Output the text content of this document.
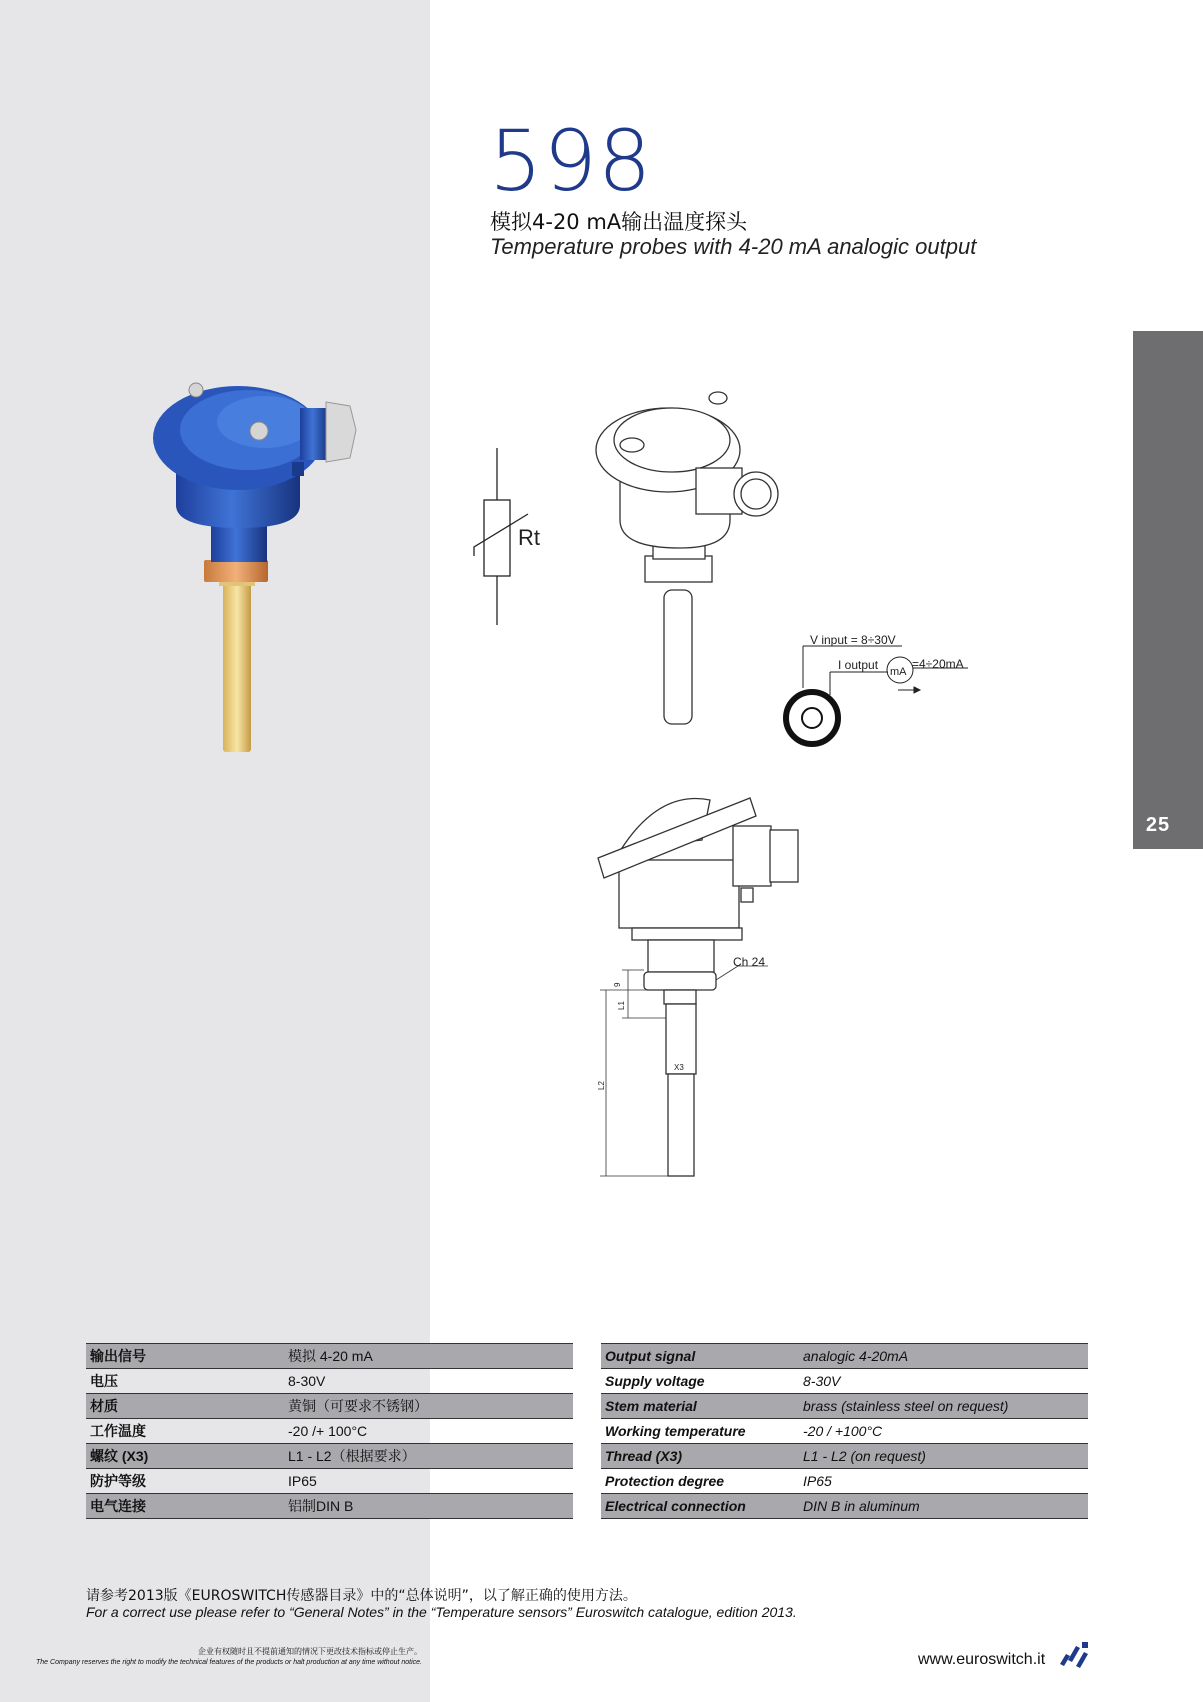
25
598
模拟4-20 mA输出温度探头
Temperature probes with 4-20 mA analogic output
Rt
V input = 8÷30V
I output mA
=4÷20mA
Ch 24
9
L1
L2
X3
输出信号	模拟 4-20 mA
电压	8-30V
材质	黄铜（可要求不锈钢）
工作温度	-20 /+ 100°C
螺纹 (X3)	L1 - L2（根据要求）
防护等级	IP65
电气连接	铝制DIN B
Output signal	analogic 4-20mA
Supply voltage	8-30V
Stem material	brass (stainless steel on request)
Working temperature	-20 / +100°C
Thread (X3)	L1 - L2 (on request)
Protection degree	IP65
Electrical connection	DIN B in aluminum
请参考2013版《EUROSWITCH传感器目录》中的“总体说明”，以了解正确的使用方法。
For a correct use please refer to “General Notes” in the “Temperature sensors” Euroswitch catalogue, edition 2013.
企业有权随时且不提前通知的情况下更改技术指标或停止生产。
The Company reserves the right to modify the technical features of the products or halt production at any time without notice.	www.euroswitch.it
